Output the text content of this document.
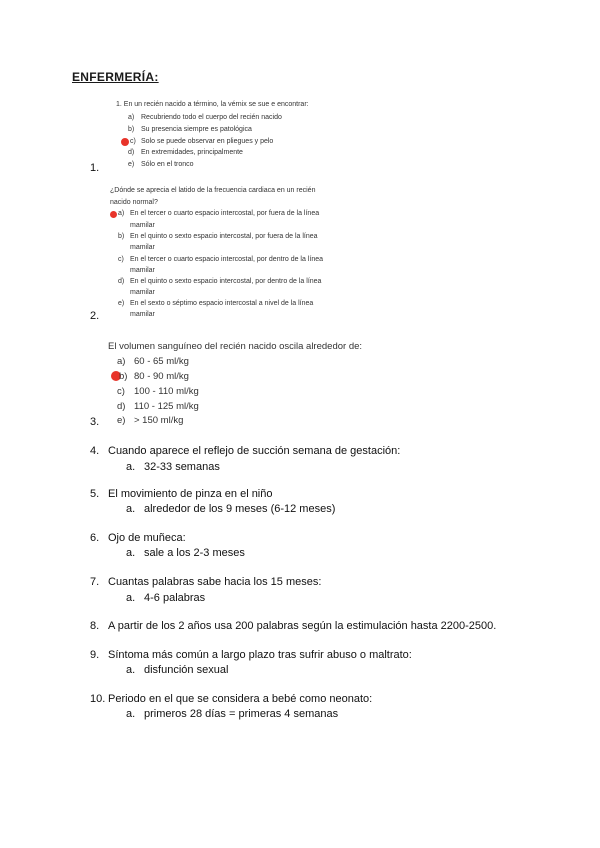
ENFERMERÍA:
1. En un recién nacido a término, la vérnix se sue e encontrar:
a) Recubriendo todo el cuerpo del recién nacido
b) Su presencia siempre es patológica
c) Solo se puede observar en pliegues y pelo
d) En extremidades, principalmente
e) Sólo en el tronco
1.
¿Dónde se aprecia el latido de la frecuencia cardiaca en un recién
nacido normal?
a) En el tercer o cuarto espacio intercostal, por fuera de la línea
mamilar
b) En el quinto o sexto espacio intercostal, por fuera de la línea
mamilar
c) En el tercer o cuarto espacio intercostal, por dentro de la línea
mamilar
d) En el quinto o sexto espacio intercostal, por dentro de la línea
mamilar
e) En el sexto o séptimo espacio intercostal a nivel de la línea
mamilar
2.
El volumen sanguíneo del recién nacido oscila alrededor de:
a) 60 - 65 ml/kg
b) 80 - 90 ml/kg
c) 100 - 110 ml/kg
d) 110 - 125 ml/kg
e) > 150 ml/kg
3.
4. Cuando aparece el reflejo de succión semana de gestación:
a. 32-33 semanas
5. El movimiento de pinza en el niño
a. alrededor de los 9 meses (6-12 meses)
6. Ojo de muñeca:
a. sale a los 2-3 meses
7. Cuantas palabras sabe hacia los 15 meses:
a. 4-6 palabras
8. A partir de los 2 años usa 200 palabras según la estimulación hasta 2200-2500.
9. Síntoma más común a largo plazo tras sufrir abuso o maltrato:
a. disfunción sexual
10. Periodo en el que se considera a bebé como neonato:
a. primeros 28 días = primeras 4 semanas
